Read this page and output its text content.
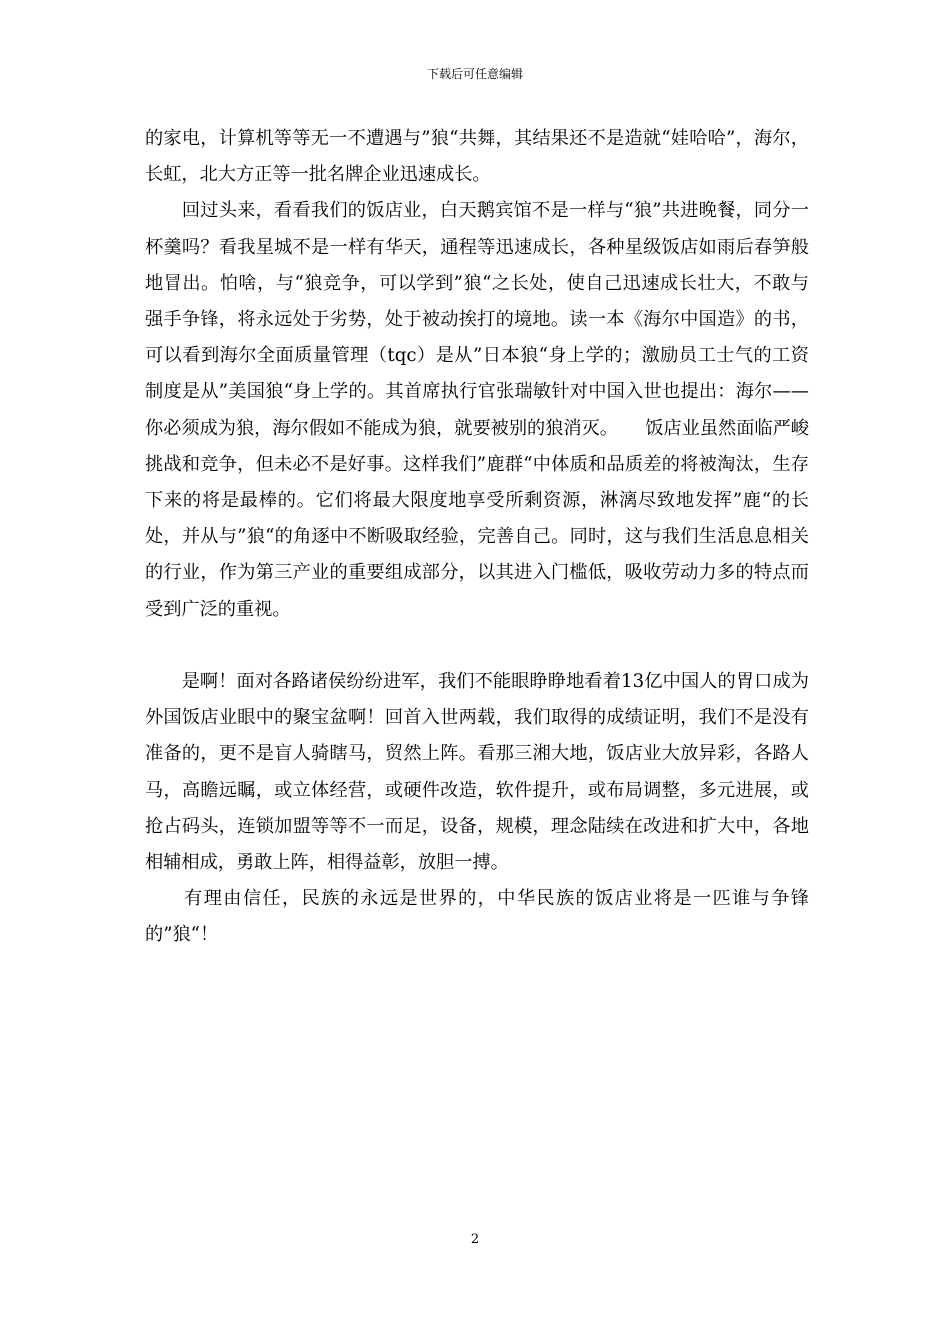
下载后可任意编辑

的家电，计算机等等无一不遭遇与”狼“共舞，其结果还不是造就“娃哈哈”，海尔，长虹，北大方正等一批名牌企业迅速成长。

　　回过头来，看看我们的饭店业，白天鹅宾馆不是一样与“狼”共进晚餐，同分一杯羹吗？看我星城不是一样有华天，通程等迅速成长，各种星级饭店如雨后春笋般地冒出。怕啥，与“狼竞争，可以学到”狼“之长处，使自己迅速成长壮大，不敢与强手争锋，将永远处于劣势，处于被动挨打的境地。读一本《海尔中国造》的书，可以看到海尔全面质量管理（tqc）是从”日本狼“身上学的；激励员工士气的工资制度是从”美国狼“身上学的。其首席执行官张瑞敏针对中国入世也提出：海尔——你必须成为狼，海尔假如不能成为狼，就要被别的狼消灭。　　饭店业虽然面临严峻挑战和竞争，但未必不是好事。这样我们”鹿群“中体质和品质差的将被淘汰，生存下来的将是最棒的。它们将最大限度地享受所剩资源，淋漓尽致地发挥”鹿“的长处，并从与”狼“的角逐中不断吸取经验，完善自己。同时，这与我们生活息息相关的行业，作为第三产业的重要组成部分，以其进入门槛低，吸收劳动力多的特点而受到广泛的重视。

　　是啊！面对各路诸侯纷纷进军，我们不能眼睁睁地看着13亿中国人的胃口成为外国饭店业眼中的聚宝盆啊！回首入世两载，我们取得的成绩证明，我们不是没有准备的，更不是盲人骑瞎马，贸然上阵。看那三湘大地，饭店业大放异彩，各路人马，高瞻远瞩，或立体经营，或硬件改造，软件提升，或布局调整，多元进展，或抢占码头，连锁加盟等等不一而足，设备，规模，理念陆续在改进和扩大中，各地相辅相成，勇敢上阵，相得益彰，放胆一搏。

　　有理由信任，民族的永远是世界的，中华民族的饭店业将是一匹谁与争锋的”狼“！

2
